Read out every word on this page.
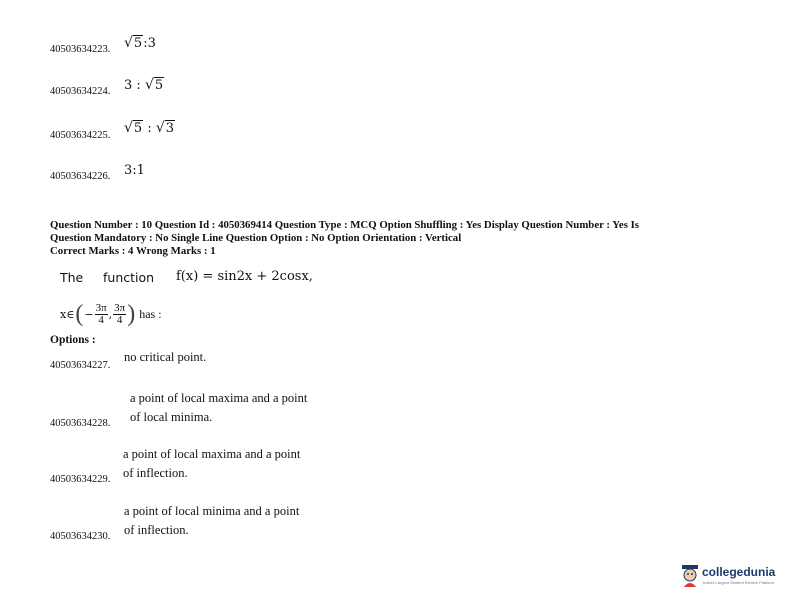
40503634223. √5:3
40503634224. 3 : √5
40503634225. √5 : √3
40503634226. 3:1
Question Number : 10 Question Id : 4050369414 Question Type : MCQ Option Shuffling : Yes Display Question Number : Yes Is
Question Mandatory : No Single Line Question Option : No Option Orientation : Vertical
Correct Marks : 4 Wrong Marks : 1
The function f(x) = sin2x + 2cosx,
x∈ ( − $\frac{3\pi}{4}$ , $\frac{3\pi}{4}$ ) has :
Options :
40503634227.
no critical point.
a point of local maxima and a point
40503634228. of local minima.
a point of local maxima and a point
40503634229. of inflection.
a point of local minima and a point
40503634230. of inflection.
collegedunia
India's Largest Student Review Platform
